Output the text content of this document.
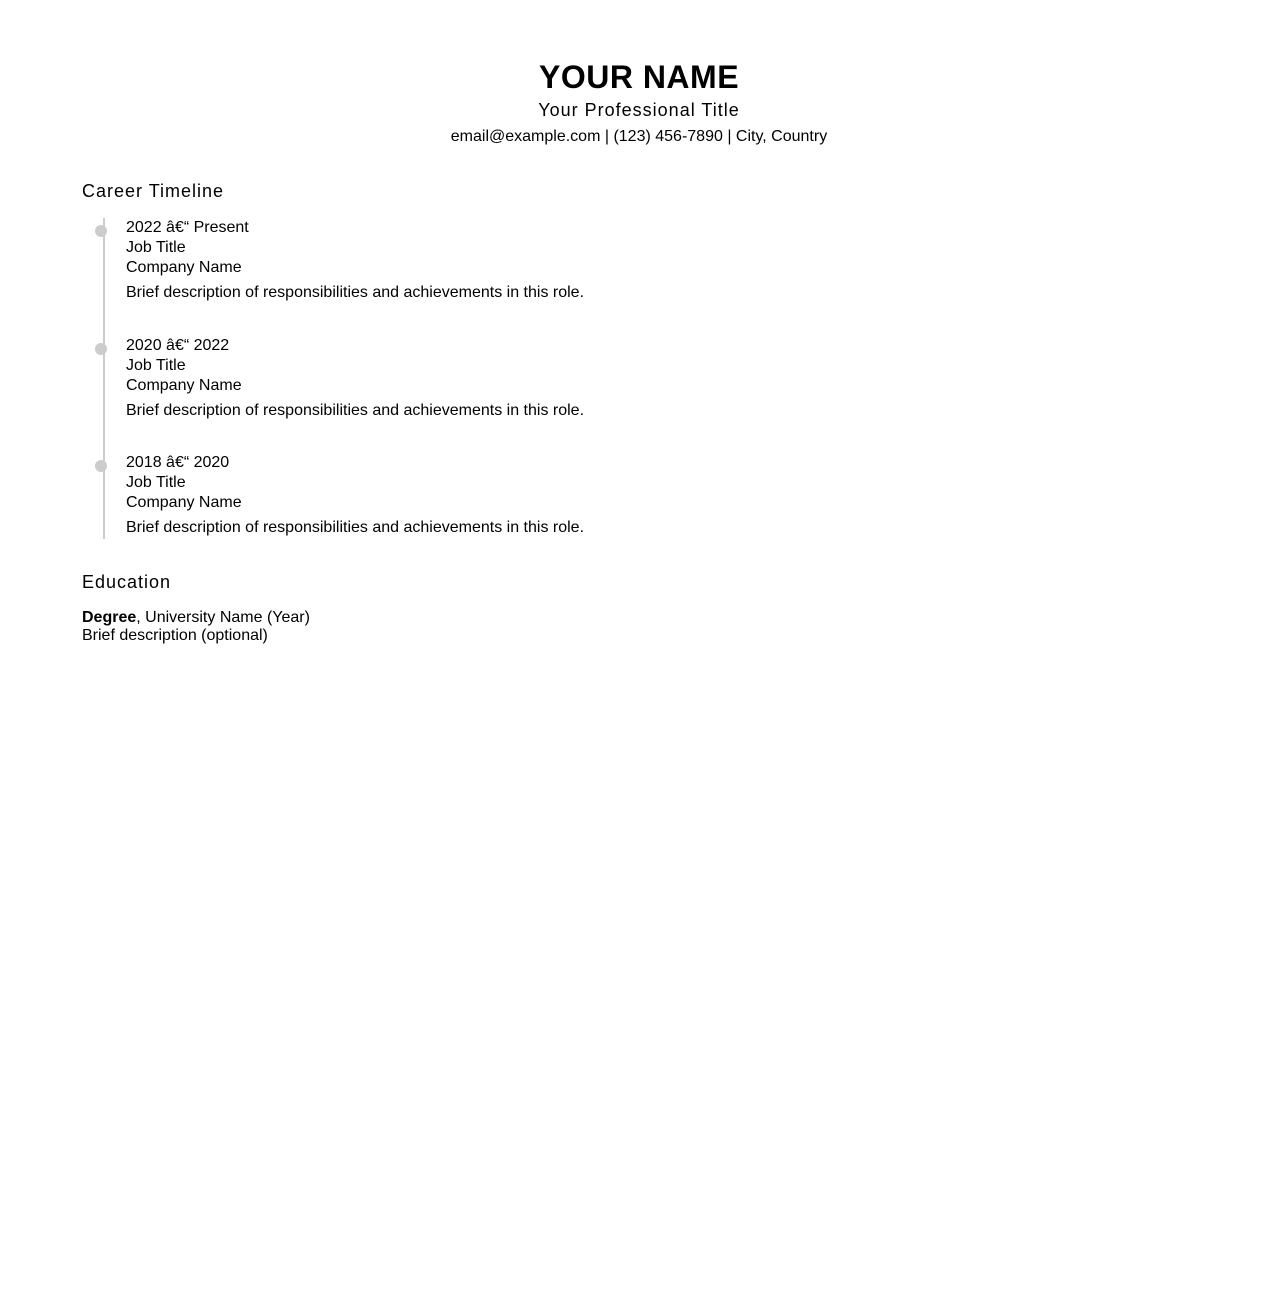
YOUR NAME
Your Professional Title
email@example.com | (123) 456-7890 | City, Country
Career Timeline
2022 â€“ Present
Job Title
Company Name
Brief description of responsibilities and achievements in this role.
2020 â€“ 2022
Job Title
Company Name
Brief description of responsibilities and achievements in this role.
2018 â€“ 2020
Job Title
Company Name
Brief description of responsibilities and achievements in this role.
Education
Degree, University Name (Year)
Brief description (optional)
